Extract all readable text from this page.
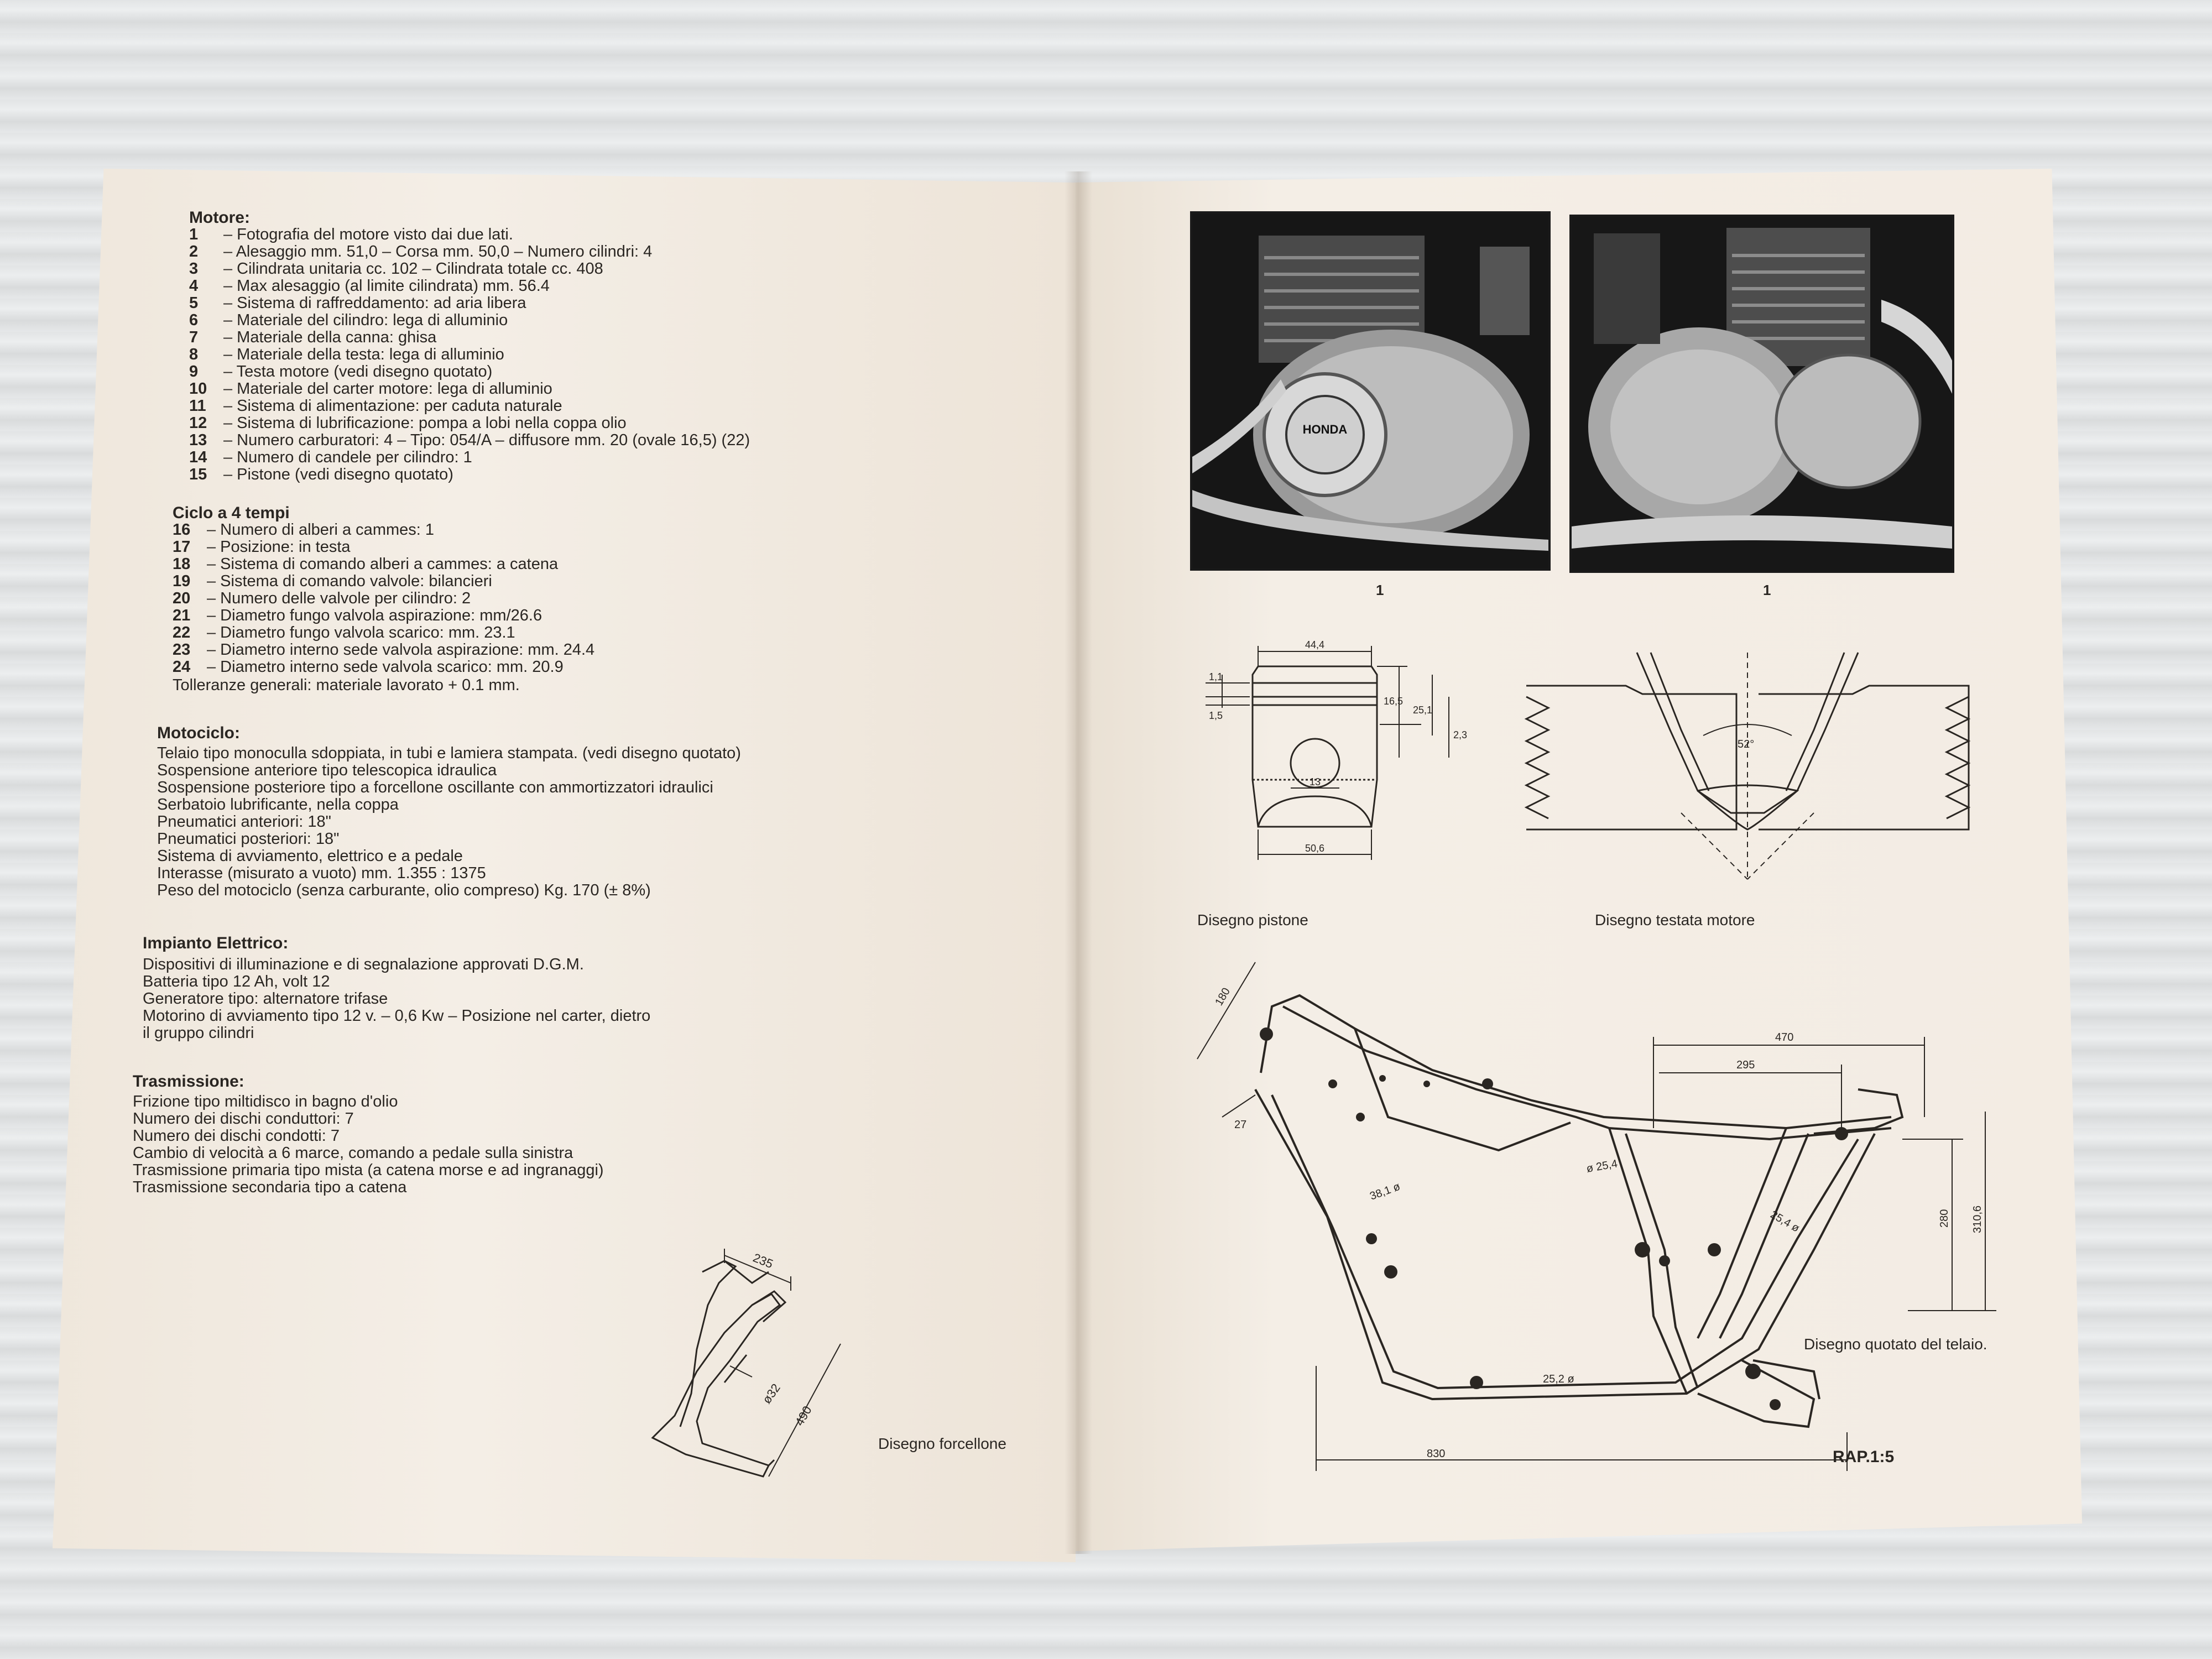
Motore:
1	– Fotografia del motore visto dai due lati.
2	– Alesaggio mm. 51,0 – Corsa mm. 50,0 – Numero cilindri: 4
3	– Cilindrata unitaria cc. 102 – Cilindrata totale cc. 408
4	– Max alesaggio (al limite cilindrata) mm. 56.4
5	– Sistema di raffreddamento: ad aria libera
6	– Materiale del cilindro: lega di alluminio
7	– Materiale della canna: ghisa
8	– Materiale della testa: lega di alluminio
9	– Testa motore (vedi disegno quotato)
10	– Materiale del carter motore: lega di alluminio
11	– Sistema di alimentazione: per caduta naturale
12	– Sistema di lubrificazione: pompa a lobi nella coppa olio
13	– Numero carburatori: 4 – Tipo: 054/A – diffusore mm. 20 (ovale 16,5) (22)
14	– Numero di candele per cilindro: 1
15	– Pistone (vedi disegno quotato)
Ciclo a 4 tempi
16	– Numero di alberi a cammes: 1
17	– Posizione: in testa
18	– Sistema di comando alberi a cammes: a catena
19	– Sistema di comando valvole: bilancieri
20	– Numero delle valvole per cilindro: 2
21	– Diametro fungo valvola aspirazione: mm/26.6
22	– Diametro fungo valvola scarico: mm. 23.1
23	– Diametro interno sede valvola aspirazione: mm. 24.4
24	– Diametro interno sede valvola scarico: mm. 20.9
Tolleranze generali: materiale lavorato + 0.1 mm.
Motociclo:
Telaio tipo monoculla sdoppiata, in tubi e lamiera stampata. (vedi disegno quotato)
Sospensione anteriore tipo telescopica idraulica
Sospensione posteriore tipo a forcellone oscillante con ammortizzatori idraulici
Serbatoio lubrificante, nella coppa
Pneumatici anteriori: 18"
Pneumatici posteriori: 18"
Sistema di avviamento, elettrico e a pedale
Interasse (misurato a vuoto) mm. 1.355 : 1375
Peso del motociclo (senza carburante, olio compreso) Kg. 170 (± 8%)
Impianto Elettrico:
Dispositivi di illuminazione e di segnalazione approvati D.G.M.
Batteria tipo 12 Ah, volt 12
Generatore tipo: alternatore trifase
Motorino di avviamento tipo 12 v. – 0,6 Kw – Posizione nel carter, dietro
il gruppo cilindri
Trasmissione:
Frizione tipo miltidisco in bagno d'olio
Numero dei dischi conduttori: 7
Numero dei dischi condotti: 7
Cambio di velocità a 6 marce, comando a pedale sulla sinistra
Trasmissione primaria tipo mista (a catena morse e ad ingranaggi)
Trasmissione secondaria tipo a catena
235
490
ø32
Disegno forcellone
HONDA
1	1
44,4
1,1
1,5
16,5
25,1
2,3
13
50,6
Disegno pistone
52°
Disegno testata motore
180
27
470
295
ø 25,4
38,1 ø
25,4 ø
25,2 ø
280 310,6
830
Disegno quotato del telaio.
RAP.1:5
